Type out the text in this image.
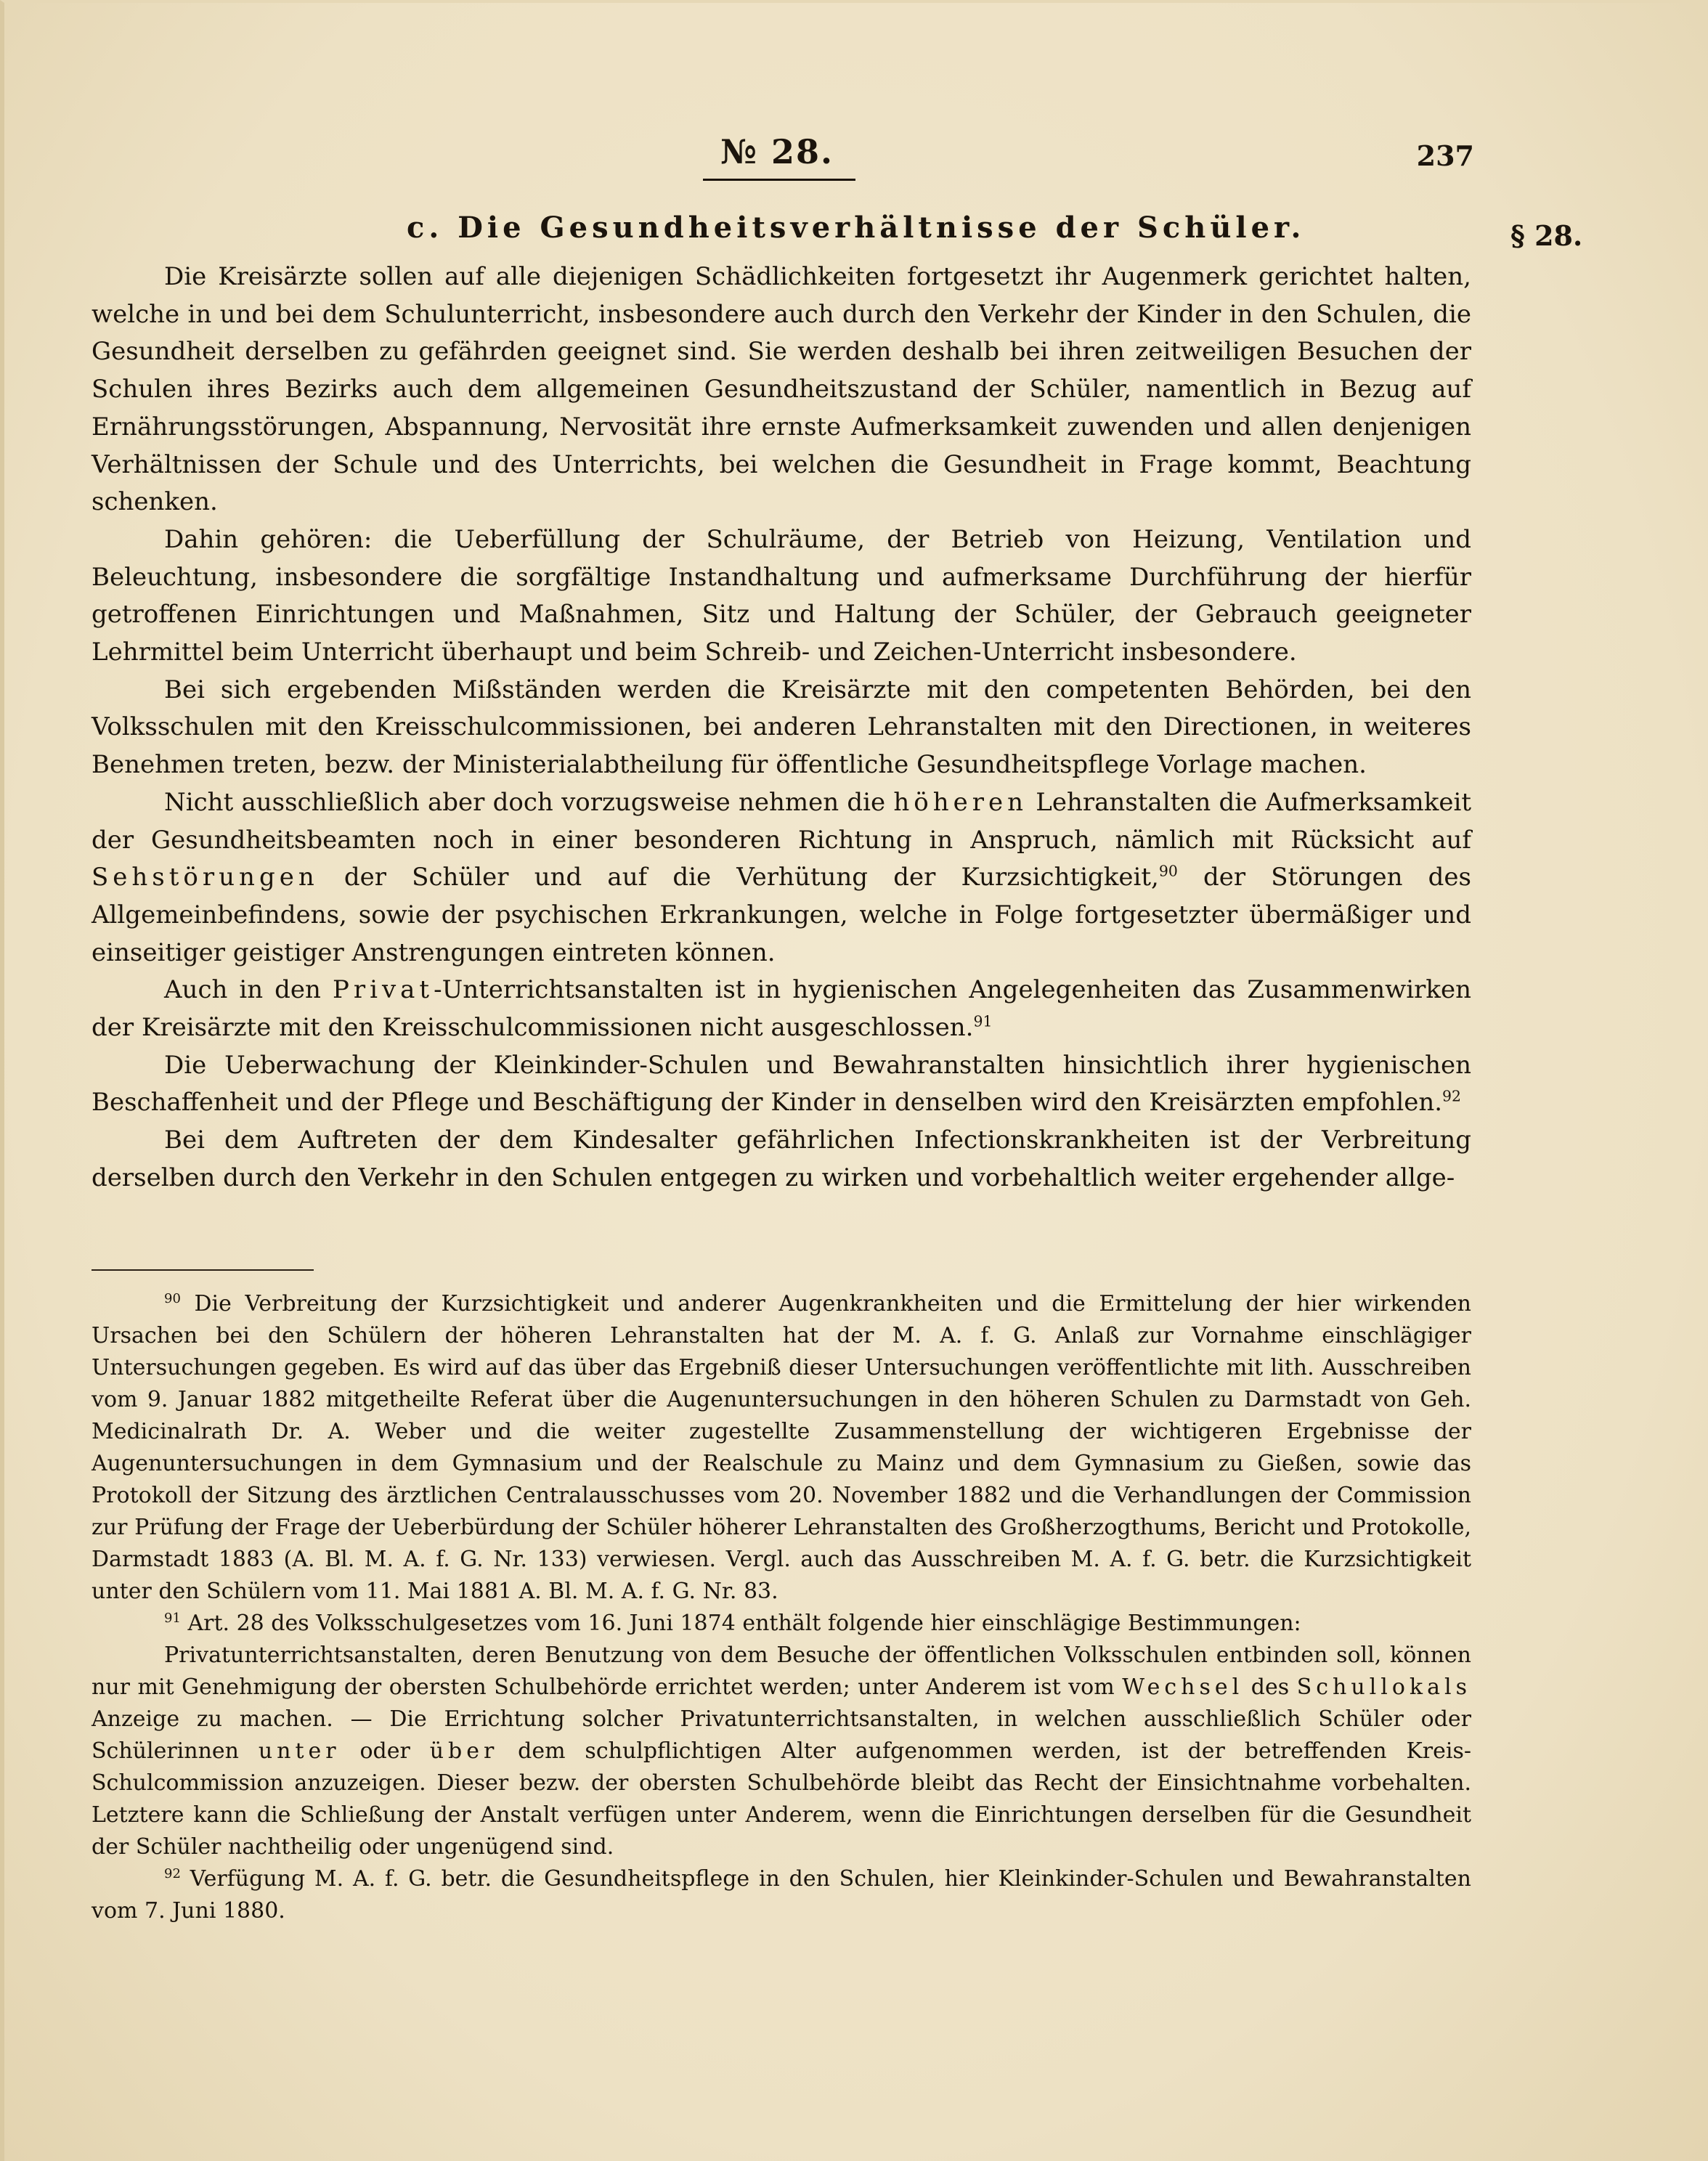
№ 28.	237
c. Die Gesundheitsverhältnisse der Schüler.	§ 28.

Die Kreisärzte sollen auf alle diejenigen Schädlichkeiten fortgesetzt ihr Augenmerk gerichtet halten, welche in und bei dem Schulunterricht, insbesondere auch durch den Verkehr der Kinder in den Schulen, die Gesundheit derselben zu gefährden geeignet sind. Sie werden deshalb bei ihren zeitweiligen Besuchen der Schulen ihres Bezirks auch dem allgemeinen Gesundheitszustand der Schüler, namentlich in Bezug auf Ernährungsstörungen, Abspannung, Nervosität ihre ernste Aufmerksamkeit zuwenden und allen denjenigen Verhältnissen der Schule und des Unterrichts, bei welchen die Gesundheit in Frage kommt, Beachtung schenken.

Dahin gehören: die Ueberfüllung der Schulräume, der Betrieb von Heizung, Ventilation und Beleuchtung, insbesondere die sorgfältige Instandhaltung und aufmerksame Durchführung der hierfür getroffenen Einrichtungen und Maßnahmen, Sitz und Haltung der Schüler, der Gebrauch geeigneter Lehrmittel beim Unterricht überhaupt und beim Schreib- und Zeichen-Unterricht insbesondere.

Bei sich ergebenden Mißständen werden die Kreisärzte mit den competenten Behörden, bei den Volksschulen mit den Kreisschulcommissionen, bei anderen Lehranstalten mit den Directionen, in weiteres Benehmen treten, bezw. der Ministerialabtheilung für öffentliche Gesundheitspflege Vorlage machen.

Nicht ausschließlich aber doch vorzugsweise nehmen die höheren Lehranstalten die Aufmerksamkeit der Gesundheitsbeamten noch in einer besonderen Richtung in Anspruch, nämlich mit Rücksicht auf Sehstörungen der Schüler und auf die Verhütung der Kurzsichtigkeit,$^{90}$ der Störungen des Allgemeinbefindens, sowie der psychischen Erkrankungen, welche in Folge fortgesetzter übermäßiger und einseitiger geistiger Anstrengungen eintreten können.

Auch in den Privat-Unterrichtsanstalten ist in hygienischen Angelegenheiten das Zusammenwirken der Kreisärzte mit den Kreisschulcommissionen nicht ausgeschlossen.$^{91}$

Die Ueberwachung der Kleinkinder-Schulen und Bewahranstalten hinsichtlich ihrer hygienischen Beschaffenheit und der Pflege und Beschäftigung der Kinder in denselben wird den Kreisärzten empfohlen.$^{92}$

Bei dem Auftreten der dem Kindesalter gefährlichen Infectionskrankheiten ist der Verbreitung derselben durch den Verkehr in den Schulen entgegen zu wirken und vorbehaltlich weiter ergehender allge-

$^{90}$ Die Verbreitung der Kurzsichtigkeit und anderer Augenkrankheiten und die Ermittelung der hier wirkenden Ursachen bei den Schülern der höheren Lehranstalten hat der M. A. f. G. Anlaß zur Vornahme einschlägiger Untersuchungen gegeben. Es wird auf das über das Ergebniß dieser Untersuchungen veröffentlichte mit lith. Ausschreiben vom 9. Januar 1882 mitgetheilte Referat über die Augenuntersuchungen in den höheren Schulen zu Darmstadt von Geh. Medicinalrath Dr. A. Weber und die weiter zugestellte Zusammenstellung der wichtigeren Ergebnisse der Augenuntersuchungen in dem Gymnasium und der Realschule zu Mainz und dem Gymnasium zu Gießen, sowie das Protokoll der Sitzung des ärztlichen Centralausschusses vom 20. November 1882 und die Verhandlungen der Commission zur Prüfung der Frage der Ueberbürdung der Schüler höherer Lehranstalten des Großherzogthums, Bericht und Protokolle, Darmstadt 1883 (A. Bl. M. A. f. G. Nr. 133) verwiesen. Vergl. auch das Ausschreiben M. A. f. G. betr. die Kurzsichtigkeit unter den Schülern vom 11. Mai 1881 A. Bl. M. A. f. G. Nr. 83.

$^{91}$ Art. 28 des Volksschulgesetzes vom 16. Juni 1874 enthält folgende hier einschlägige Bestimmungen:

Privatunterrichtsanstalten, deren Benutzung von dem Besuche der öffentlichen Volksschulen entbinden soll, können nur mit Genehmigung der obersten Schulbehörde errichtet werden; unter Anderem ist vom Wechsel des Schullokals Anzeige zu machen. — Die Errichtung solcher Privatunterrichtsanstalten, in welchen ausschließlich Schüler oder Schülerinnen unter oder über dem schulpflichtigen Alter aufgenommen werden, ist der betreffenden Kreis-Schulcommission anzuzeigen. Dieser bezw. der obersten Schulbehörde bleibt das Recht der Einsichtnahme vorbehalten. Letztere kann die Schließung der Anstalt verfügen unter Anderem, wenn die Einrichtungen derselben für die Gesundheit der Schüler nachtheilig oder ungenügend sind.

$^{92}$ Verfügung M. A. f. G. betr. die Gesundheitspflege in den Schulen, hier Kleinkinder-Schulen und Bewahranstalten vom 7. Juni 1880.
